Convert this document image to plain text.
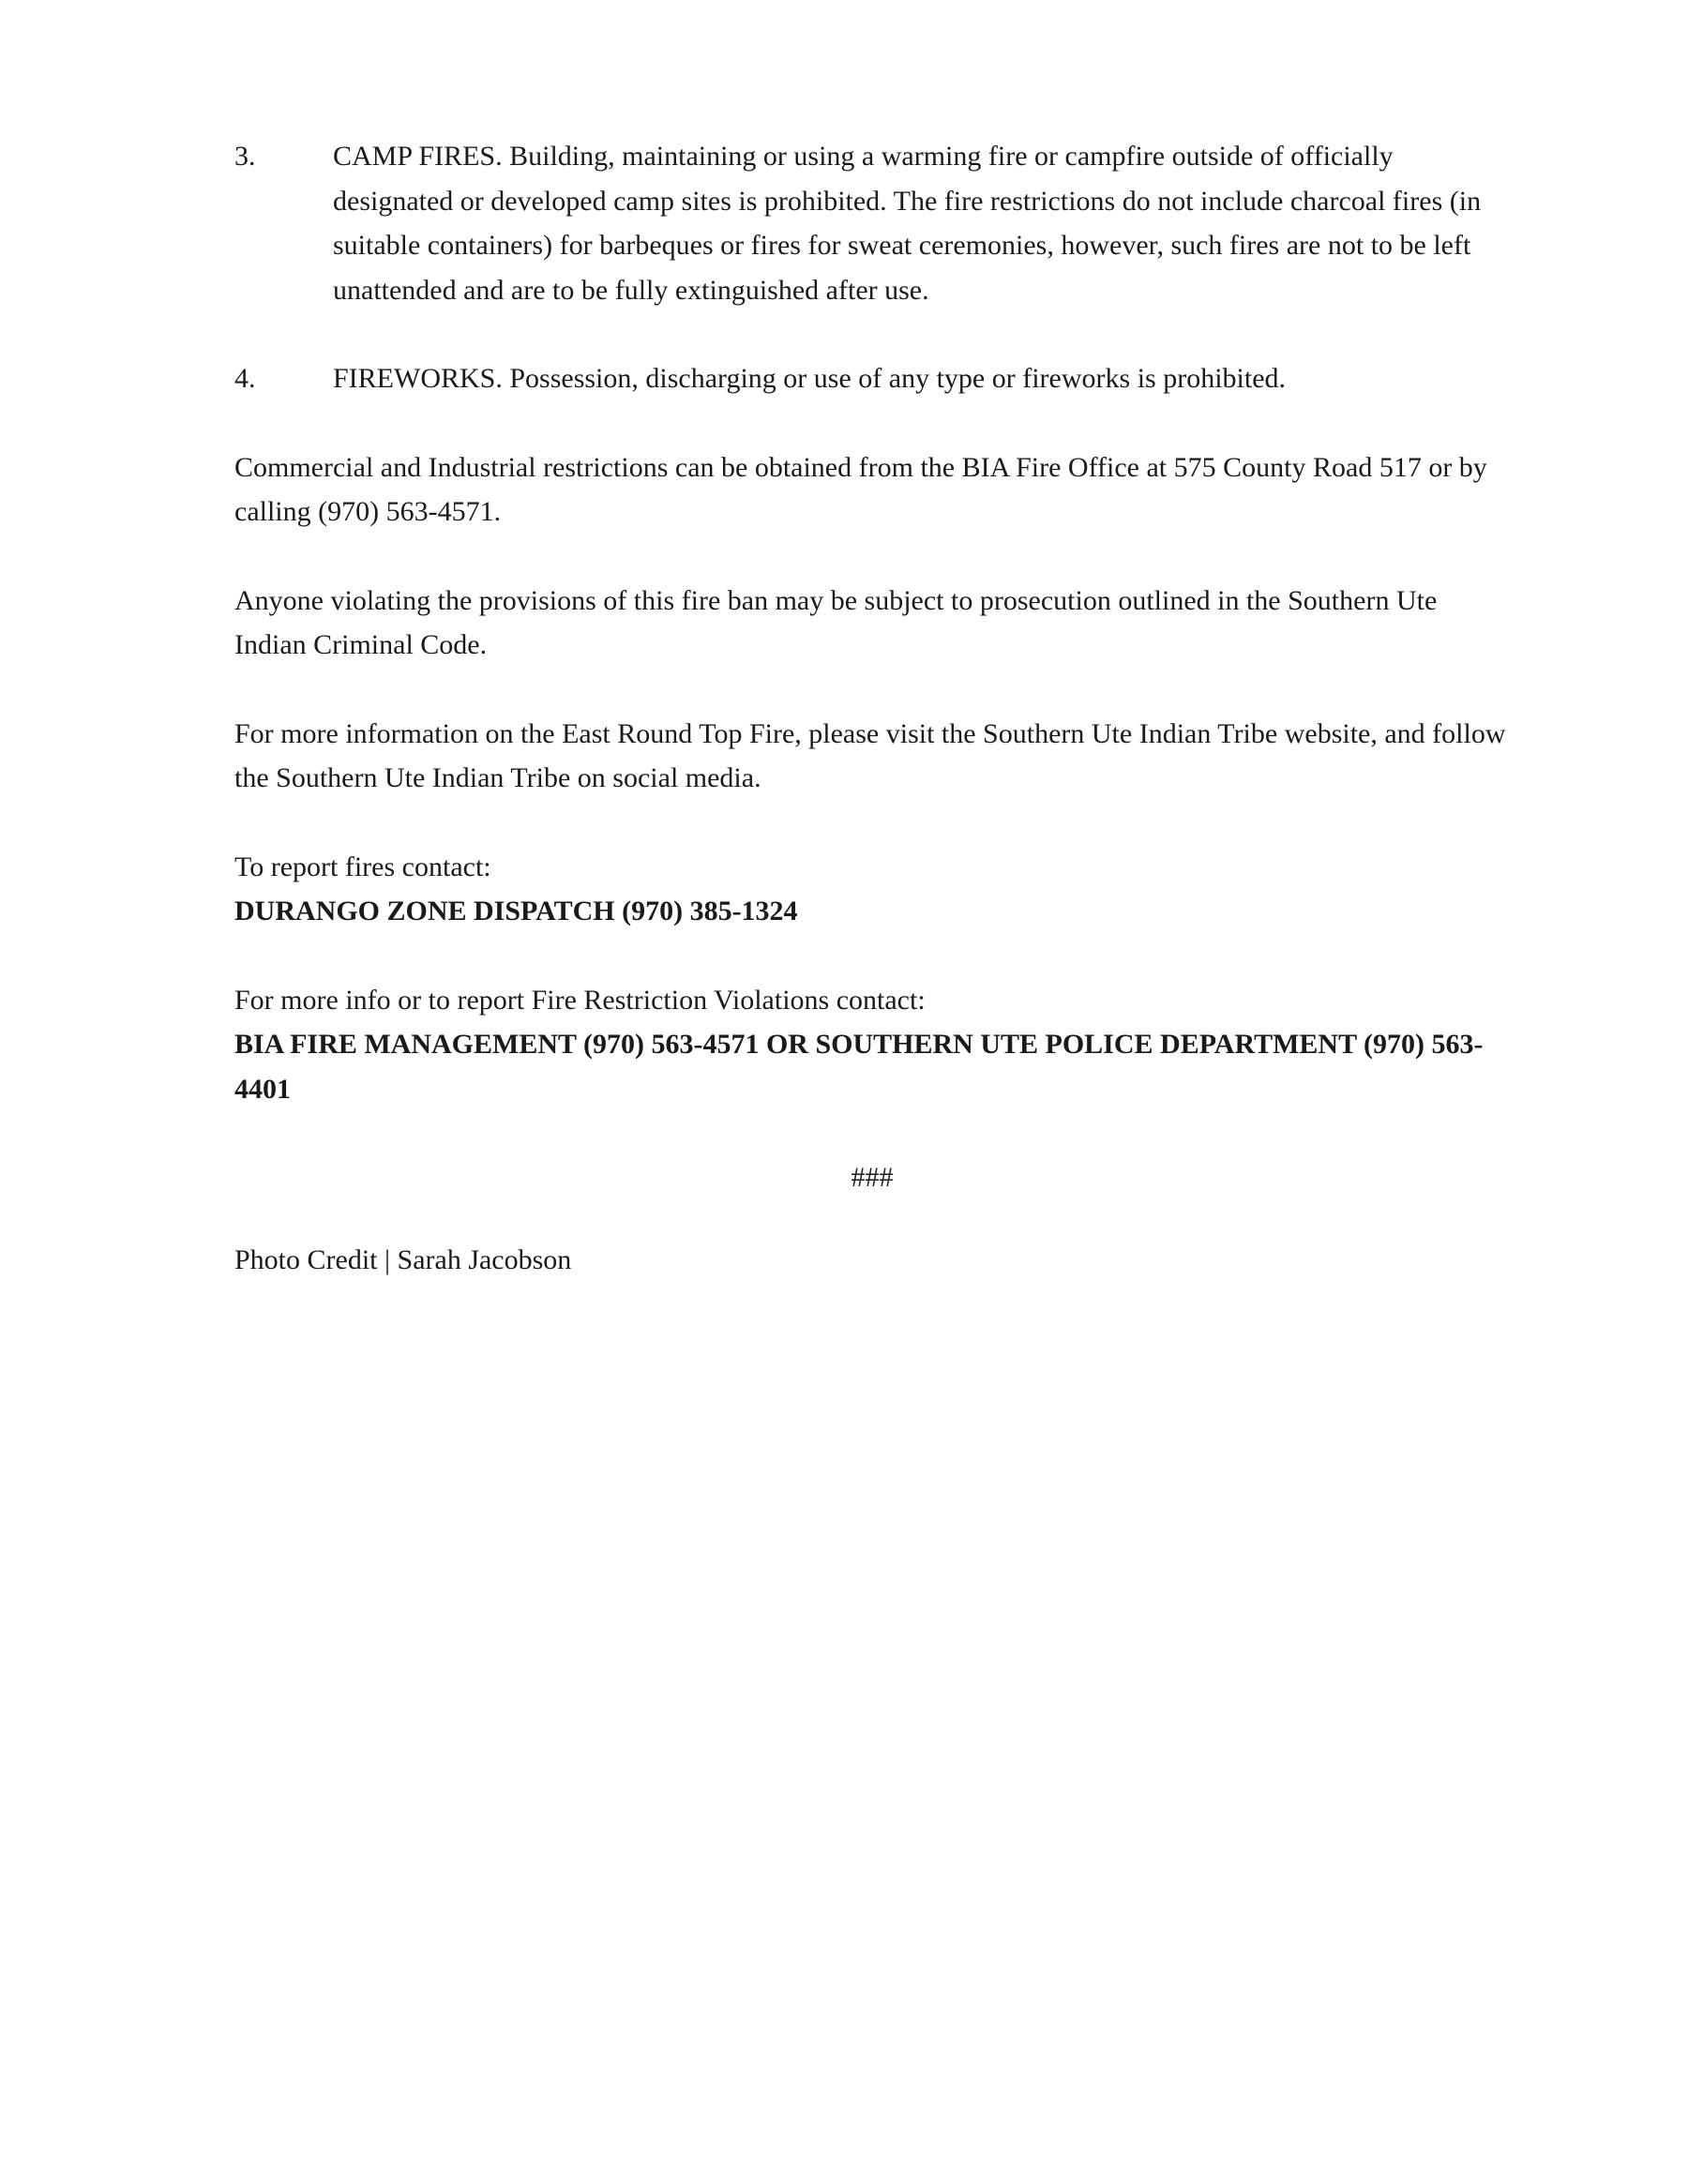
3.	CAMP FIRES. Building, maintaining or using a warming fire or campfire outside of officially designated or developed camp sites is prohibited. The fire restrictions do not include charcoal fires (in suitable containers) for barbeques or fires for sweat ceremonies, however, such fires are not to be left unattended and are to be fully extinguished after use.
4.	FIREWORKS. Possession, discharging or use of any type or fireworks is prohibited.

Commercial and Industrial restrictions can be obtained from the BIA Fire Office at 575 County Road 517 or by calling (970) 563-4571.

Anyone violating the provisions of this fire ban may be subject to prosecution outlined in the Southern Ute Indian Criminal Code.

For more information on the East Round Top Fire, please visit the Southern Ute Indian Tribe website, and follow the Southern Ute Indian Tribe on social media.

To report fires contact:
DURANGO ZONE DISPATCH (970) 385-1324

For more info or to report Fire Restriction Violations contact:
BIA FIRE MANAGEMENT (970) 563-4571 OR SOUTHERN UTE POLICE DEPARTMENT (970) 563-4401

###

Photo Credit | Sarah Jacobson
